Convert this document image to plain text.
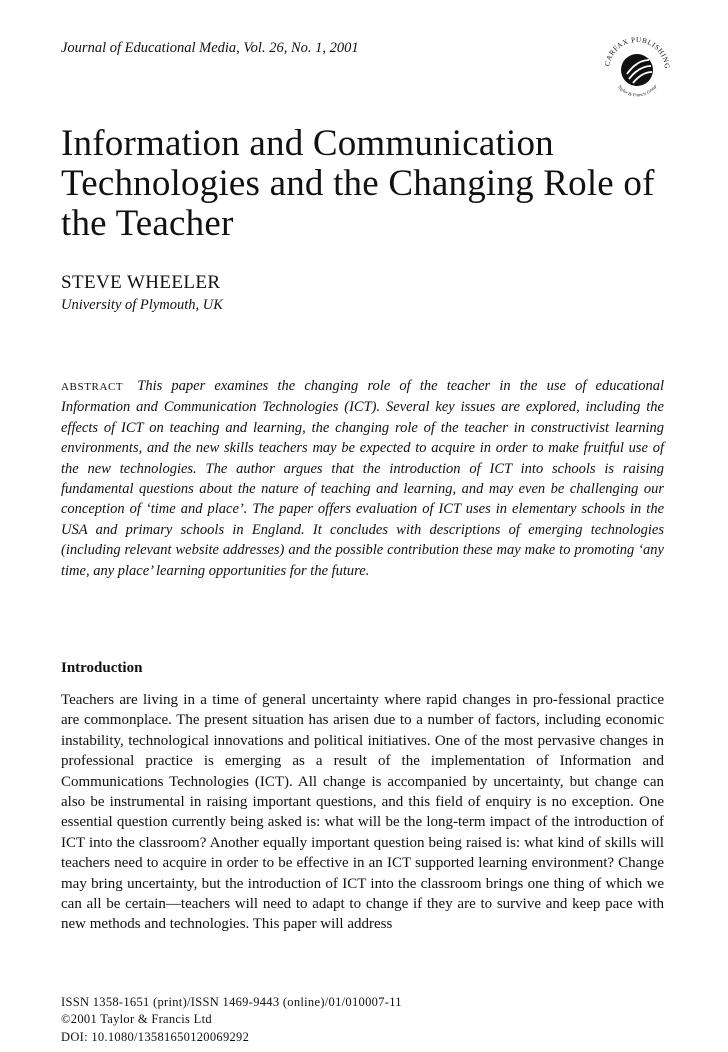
Journal of Educational Media, Vol. 26, No. 1, 2001
CARFAX PUBLISHING
Taylor & Francis Group
Information and Communication Technologies and the Changing Role of the Teacher
STEVE WHEELER
University of Plymouth, UK

ABSTRACT This paper examines the changing role of the teacher in the use of educational Information and Communication Technologies (ICT). Several key issues are explored, including the effects of ICT on teaching and learning, the changing role of the teacher in constructivist learning environments, and the new skills teachers may be expected to acquire in order to make fruitful use of the new technologies. The author argues that the introduction of ICT into schools is raising fundamental questions about the nature of teaching and learning, and may even be challenging our conception of ‘time and place’. The paper offers evaluation of ICT uses in elementary schools in the USA and primary schools in England. It concludes with descriptions of emerging technologies (including relevant website addresses) and the possible contribution these may make to promoting ‘any time, any place’ learning opportunities for the future.

Introduction

Teachers are living in a time of general uncertainty where rapid changes in pro-fessional practice are commonplace. The present situation has arisen due to a number of factors, including economic instability, technological innovations and political initiatives. One of the most pervasive changes in professional practice is emerging as a result of the implementation of Information and Communications Technologies (ICT). All change is accompanied by uncertainty, but change can also be instrumental in raising important questions, and this field of enquiry is no exception. One essential question currently being asked is: what will be the long-term impact of the introduction of ICT into the classroom? Another equally important question being raised is: what kind of skills will teachers need to acquire in order to be effective in an ICT supported learning environment? Change may bring uncertainty, but the introduction of ICT into the classroom brings one thing of which we can all be certain—teachers will need to adapt to change if they are to survive and keep pace with new methods and technologies. This paper will address

ISSN 1358-1651 (print)/ISSN 1469-9443 (online)/01/010007-11
©2001 Taylor & Francis Ltd
DOI: 10.1080/13581650120069292
